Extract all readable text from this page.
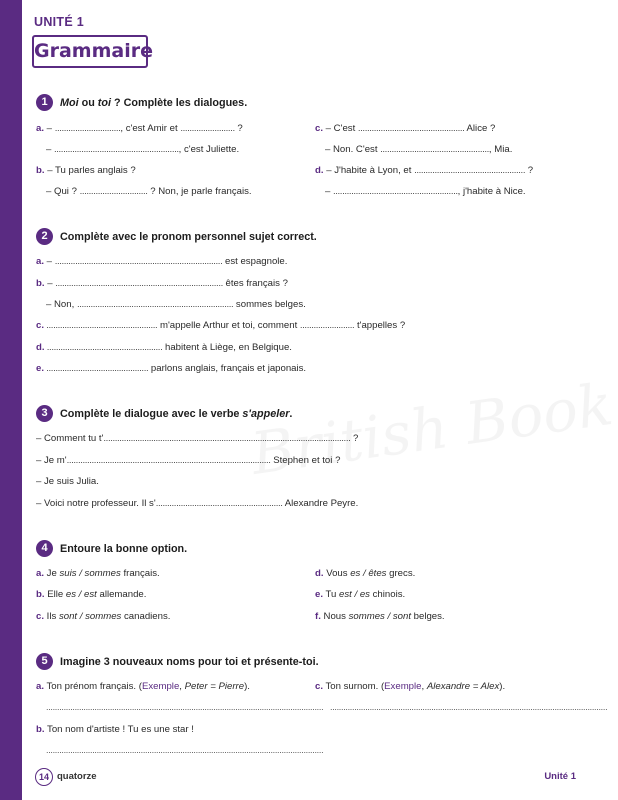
UNITÉ 1
Grammaire
1	Moi ou toi ? Complète les dialogues.
a. – ............................., c'est Amir et ........................ ?
– ......................................................., c'est Juliette.
b. – Tu parles anglais ?
– Qui ? .............................. ? Non, je parle français.
c. – C'est ............................................... Alice ?
– Non. C'est ................................................, Mia.
d. – J'habite à Lyon, et ................................................. ?
– ......................................................., j'habite à Nice.
2	Complète avec le pronom personnel sujet correct.
a. – .......................................................................... est espagnole.
b. – .......................................................................... êtes français ?
– Non, ..................................................................... sommes belges.
c. ................................................. m'appelle Arthur et toi, comment ........................ t'appelles ?
d. ................................................... habitent à Liège, en Belgique.
e. ............................................. parlons anglais, français et japonais.
3	Complète le dialogue avec le verbe s'appeler.
– Comment tu t'............................................................................................................. ?
– Je m'.......................................................................................... Stephen et toi ?
– Je suis Julia.
– Voici notre professeur. Il s'........................................................ Alexandre Peyre.
4	Entoure la bonne option.
a. Je suis / sommes français.
b. Elle es / est allemande.
c. Ils sont / sommes canadiens.
d. Vous es / êtes grecs.
e. Tu est / es chinois.
f. Nous sommes / sont belges.
5	Imagine 3 nouveaux noms pour toi et présente-toi.
a. Ton prénom français. (Exemple, Peter = Pierre).	c. Ton surnom. (Exemple, Alexandre = Alex).
.............................................................................................................................. ..............................................................................................................................
b. Ton nom d'artiste ! Tu es une star !
..............................................................................................................................
14 quatorze	Unité 1
